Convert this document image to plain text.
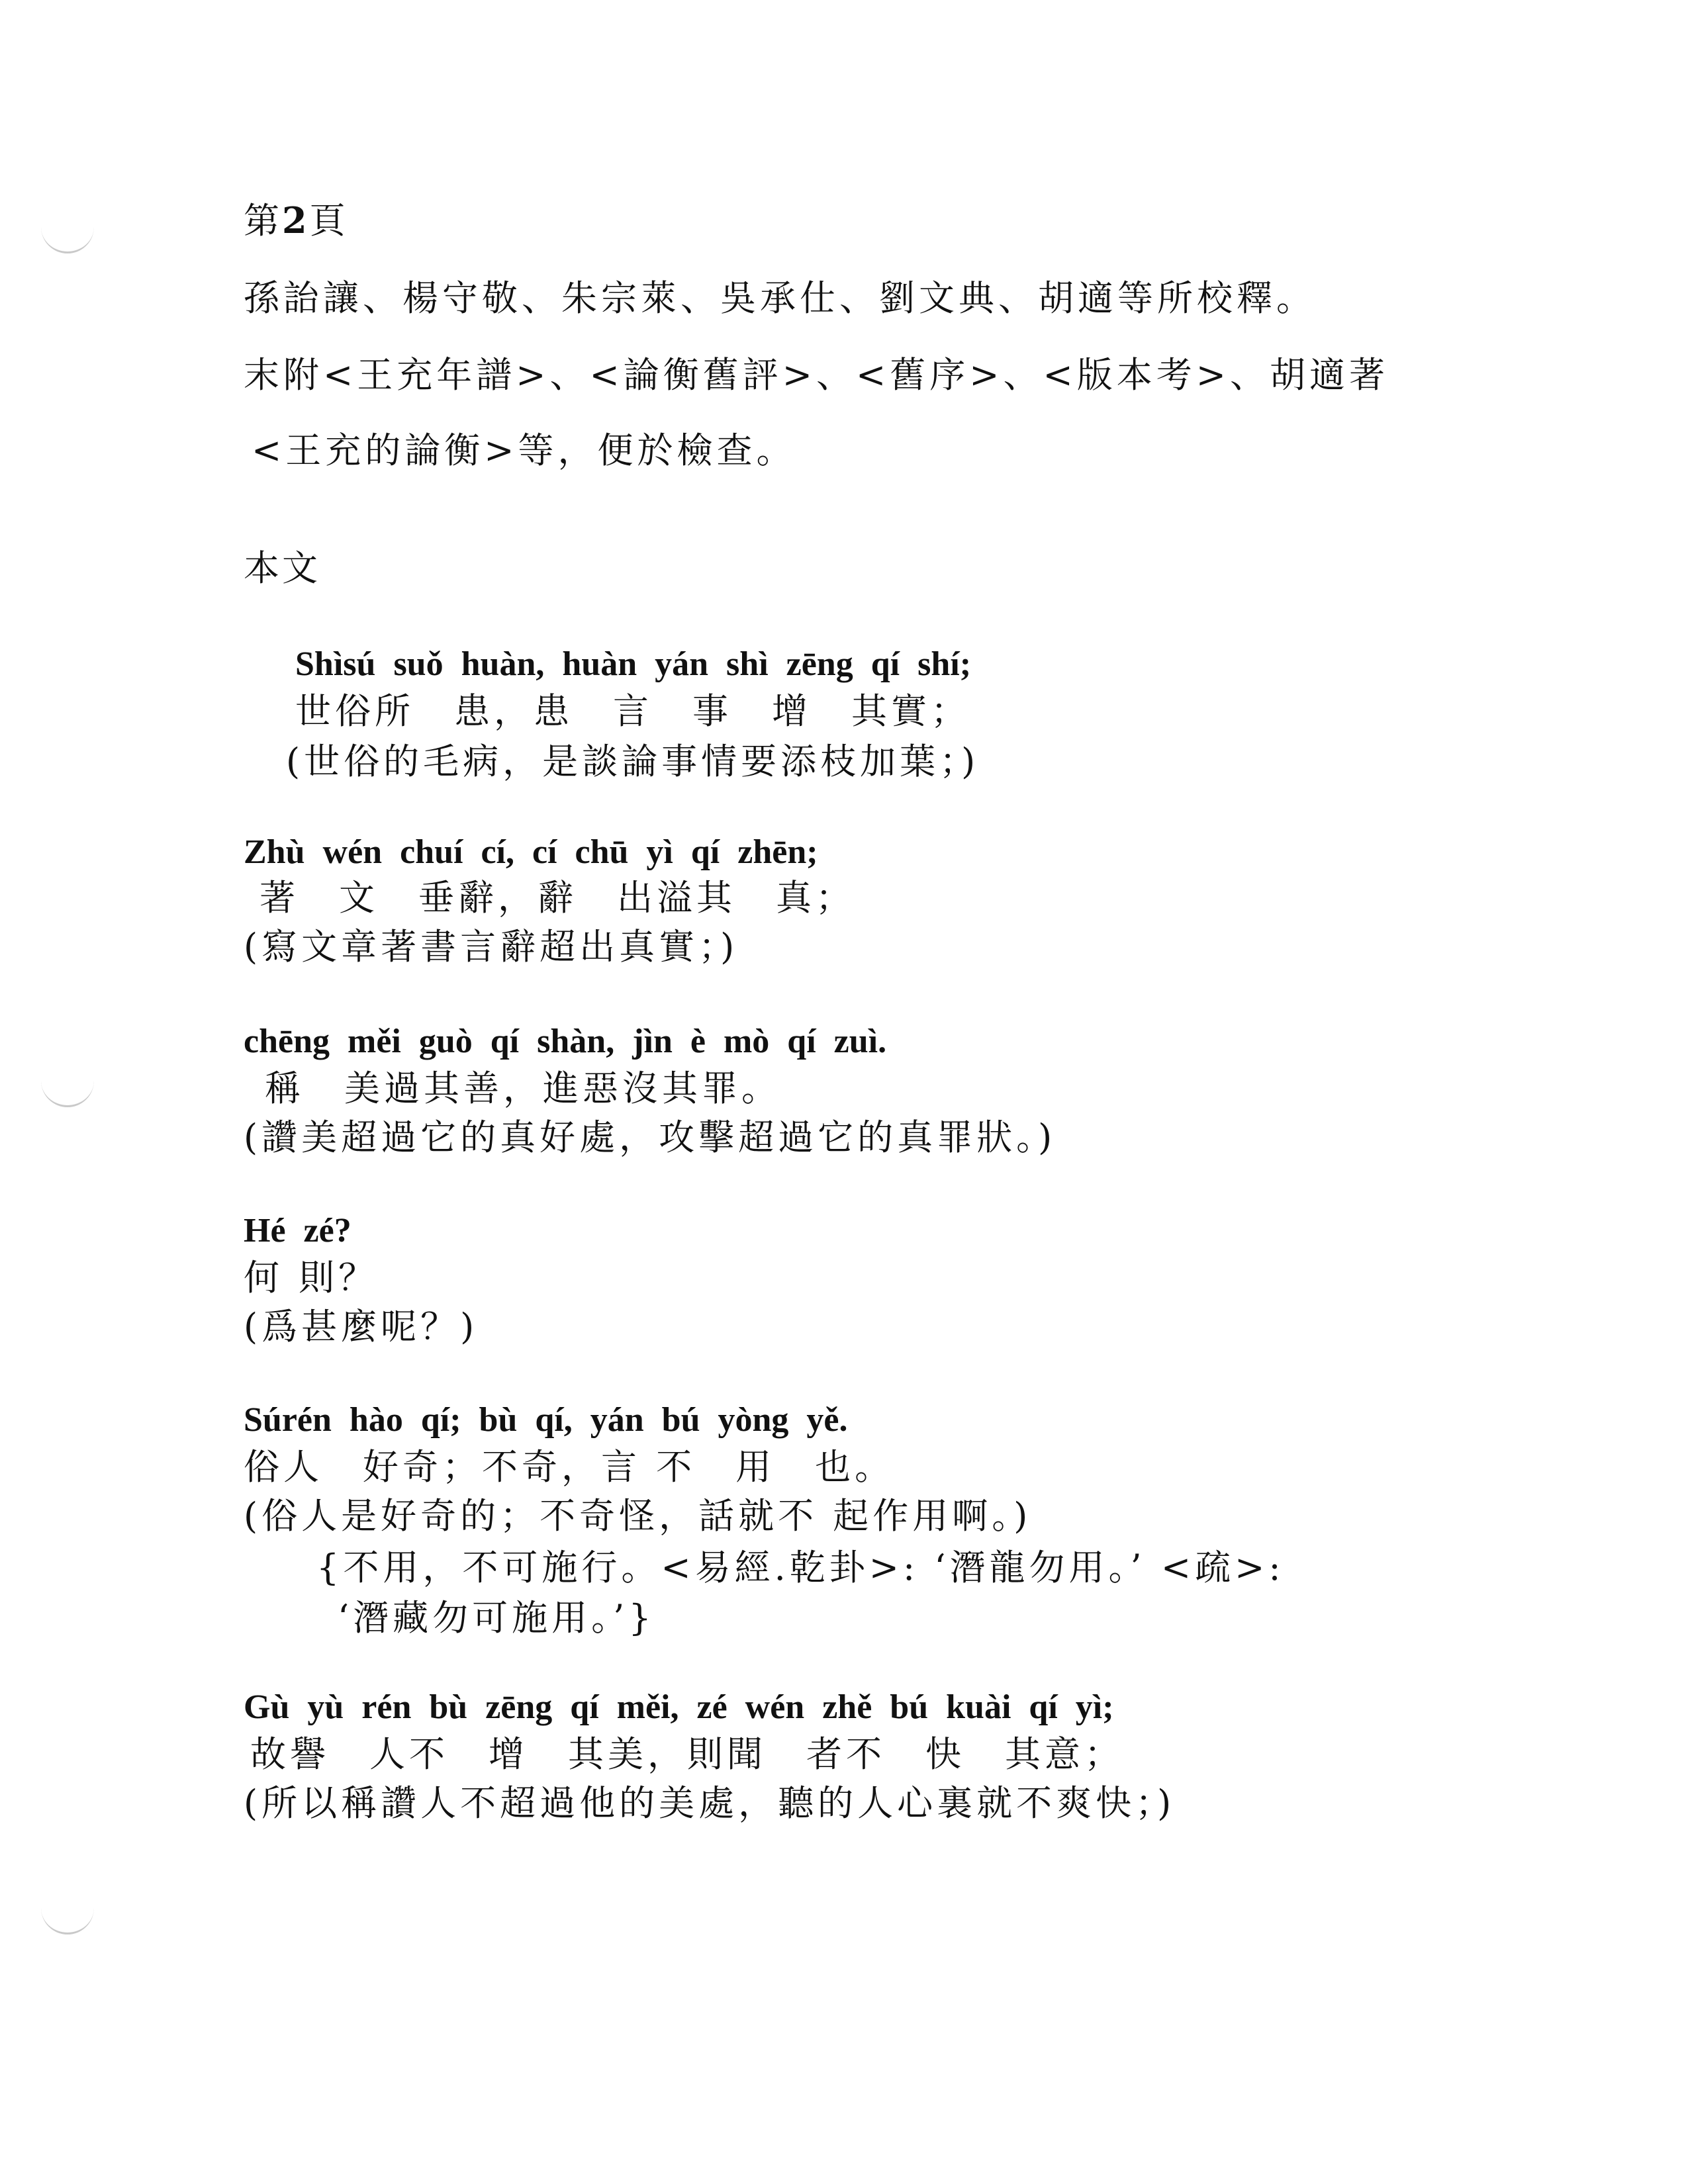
第2頁
孫詒讓、楊守敬、朱宗萊、吳承仕、劉文典、胡適等所校釋。
末附<王充年譜>、<論衡舊評>、<舊序>、<版本考>、胡適著
<王充的論衡>等，便於檢查。
本文
Shìsú suǒ huàn, huàn yán shì zēng qí shí;
世俗所　患，患　言　事　增　其實；
(世俗的毛病，是談論事情要添枝加葉；)
Zhù wén chuí cí, cí chū yì qí zhēn;
著　文　垂辭，辭　出溢其　真；
(寫文章著書言辭超出真實；)
chēng měi guò qí shàn, jìn è mò qí zuì.
稱　美過其善，進惡沒其罪。
(讚美超過它的真好處，攻擊超過它的真罪狀。)
Hé zé?
何 則？
(爲甚麼呢？)
Súrén hào qí; bù qí, yán bú yòng yě.
俗人　好奇；不奇，言 不　用　也。
(俗人是好奇的；不奇怪，話就不 起作用啊。)
{不用，不可施行。<易經.乾卦>: ‘潛龍勿用。’ <疏>:
‘潛藏勿可施用。’}
Gù yù rén bù zēng qí měi, zé wén zhě bú kuài qí yì;
故譽　人不　增　其美，則聞　者不　快　其意；
(所以稱讚人不超過他的美處，聽的人心裏就不爽快；)
